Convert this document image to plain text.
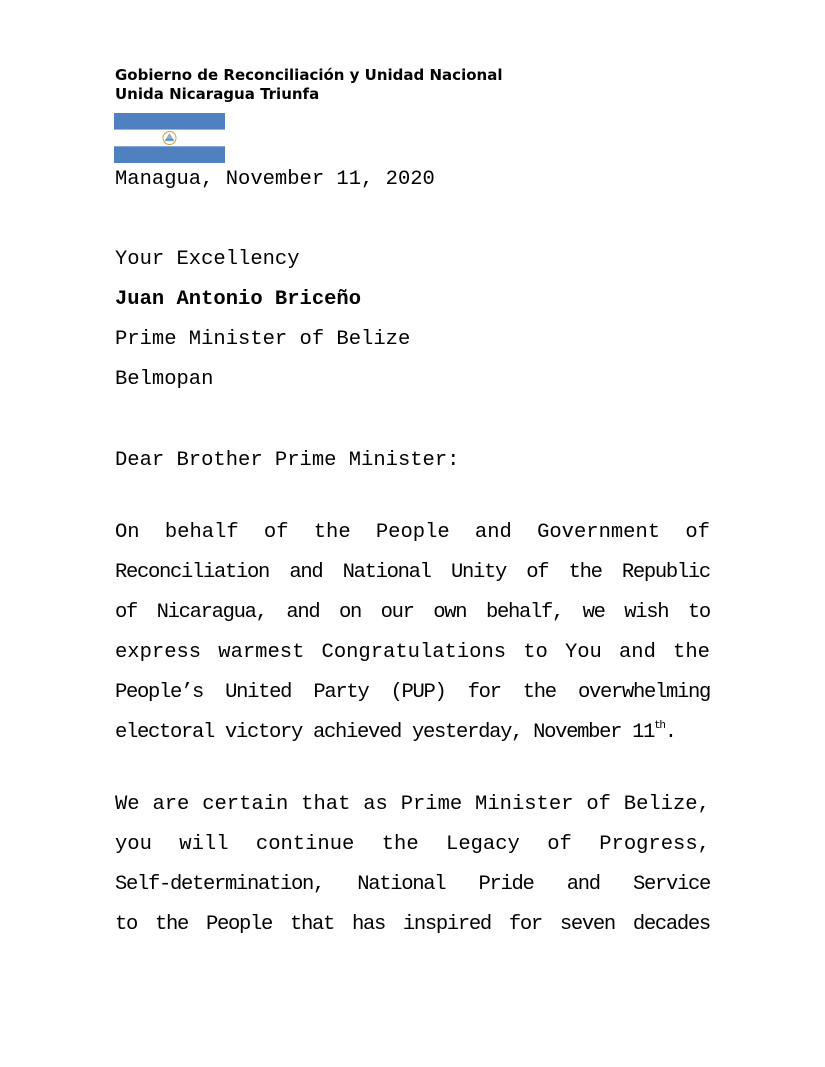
Gobierno de Reconciliación y Unidad Nacional
Unida Nicaragua Triunfa
Managua, November 11, 2020
Your Excellency
Juan Antonio Briceño
Prime Minister of Belize
Belmopan
Dear Brother Prime Minister:
On behalf of the People and Government of
Reconciliation and National Unity of the Republic
of Nicaragua, and on our own behalf, we wish to
express warmest Congratulations to You and the
People’s United Party (PUP) for the overwhelming
electoral victory achieved yesterday, November 11th .
We are certain that as Prime Minister of Belize,
you will continue the Legacy of Progress,
Self-determination, National Pride and Service
to the People that has inspired for seven decades
